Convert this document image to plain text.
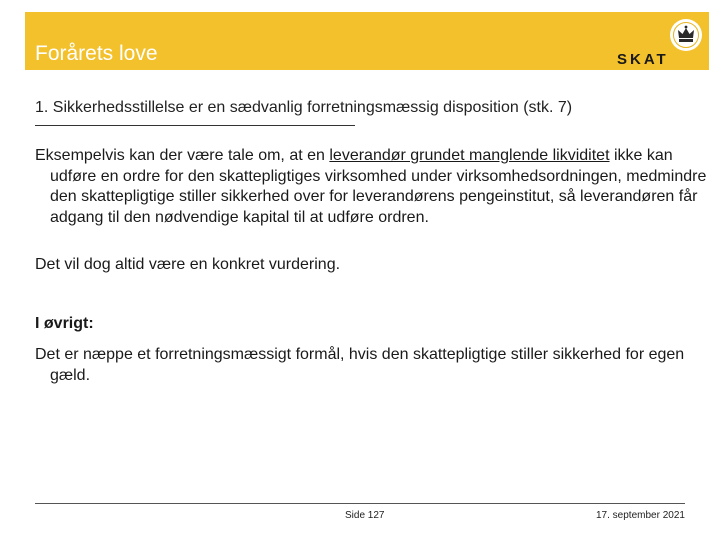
Forårets love	SKAT
1. Sikkerhedsstillelse er en sædvanlig forretningsmæssig disposition (stk. 7)

Eksempelvis kan der være tale om, at en leverandør grundet manglende likviditet ikke kan udføre en ordre for den skattepligtiges virksomhed under virksomhedsordningen, medmindre den skattepligtige stiller sikkerhed over for leverandørens pengeinstitut, så leverandøren får adgang til den nødvendige kapital til at udføre ordren.

Det vil dog altid være en konkret vurdering.

I øvrigt:

Det er næppe et forretningsmæssigt formål, hvis den skattepligtige stiller sikkerhed for egen gæld.

Side 127	17. september 2021
